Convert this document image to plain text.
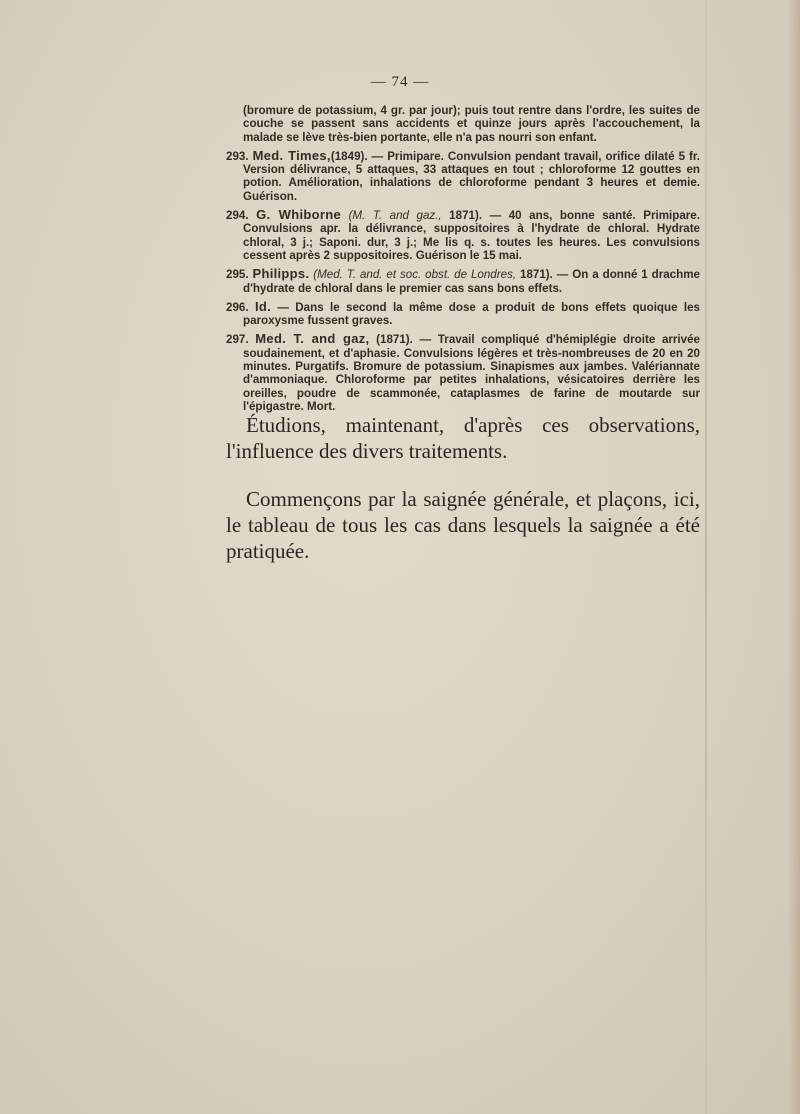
— 74 —

(bromure de potassium, 4 gr. par jour); puis tout rentre dans l'ordre, les suites de couche se passent sans accidents et quinze jours après l'accouchement, la malade se lève très-bien portante, elle n'a pas nourri son enfant.

293. Med. Times,(1849). — Primipare. Convulsion pendant travail, orifice dilaté 5 fr. Version délivrance, 5 attaques, 33 attaques en tout ; chloroforme 12 gouttes en potion. Amélioration, inhalations de chloroforme pendant 3 heures et demie. Guérison.

294. G. Whiborne (M. T. and gaz., 1871). — 40 ans, bonne santé. Primipare. Convulsions apr. la délivrance, suppositoires à l'hydrate de chloral. Hydrate chloral, 3 j.; Saponi. dur, 3 j.; Me lis q. s. toutes les heures. Les convulsions cessent après 2 suppositoires. Guérison le 15 mai.

295. Philipps. (Med. T. and. et soc. obst. de Londres, 1871). — On a donné 1 drachme d'hydrate de chloral dans le premier cas sans bons effets.

296. Id. — Dans le second la même dose a produit de bons effets quoique les paroxysme fussent graves.

297. Med. T. and gaz, (1871). — Travail compliqué d'hémiplégie droite arrivée soudainement, et d'aphasie. Convulsions légères et très-nombreuses de 20 en 20 minutes. Purgatifs. Bromure de potassium. Sinapismes aux jambes. Valériannate d'ammoniaque. Chloroforme par petites inhalations, vésicatoires derrière les oreilles, poudre de scammonée, cataplasmes de farine de moutarde sur l'épigastre. Mort.

Étudions, maintenant, d'après ces observations, l'influence des divers traitements.

Commençons par la saignée générale, et plaçons, ici, le tableau de tous les cas dans lesquels la saignée a été pratiquée.
